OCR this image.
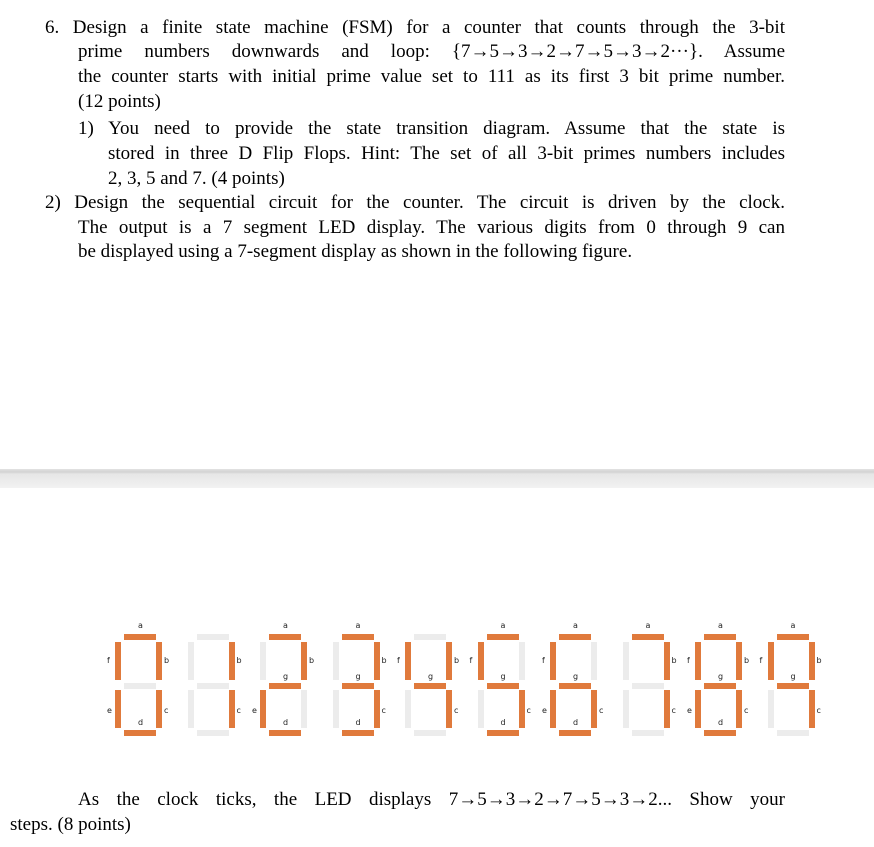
6. Design a finite state machine (FSM) for a counter that counts through the 3-bit
prime numbers downwards and loop: {7→5→3→2→7→5→3→2···}. Assume
the counter starts with initial prime value set to 111 as its first 3 bit prime number.
(12 points)
1) You need to provide the state transition diagram. Assume that the state is
stored in three D Flip Flops. Hint: The set of all 3-bit primes numbers includes
2, 3, 5 and 7. (4 points)
2) Design the sequential circuit for the counter. The circuit is driven by the clock.
The output is a 7 segment LED display. The various digits from 0 through 9 can
be displayed using a 7-segment display as shown in the following figure.
a
b
c
d
e
f	b
c
a
b
d
e
g
a
b
c
d
g
b
c
f
g
a
c
d
f
g
a
c
d
e
f
g
a
b
c
a
b
c
d
e
f
g
a
b
c
f
g
As the clock ticks, the LED displays 7→5→3→2→7→5→3→2... Show your
steps. (8 points)
